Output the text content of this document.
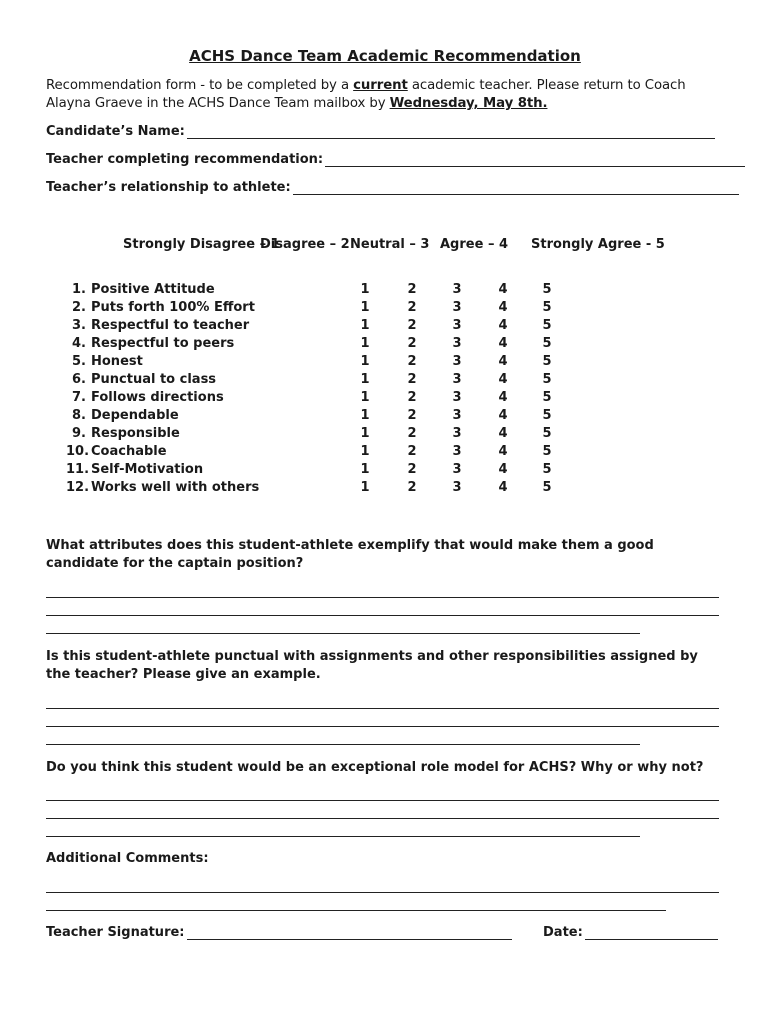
ACHS Dance Team Academic Recommendation
Recommendation form - to be completed by a current academic teacher. Please return to Coach Alayna Graeve in the ACHS Dance Team mailbox by Wednesday, May 8th.
Candidate’s Name:
Teacher completing recommendation:
Teacher’s relationship to athlete:
Strongly Disagree – 1
Disagree – 2 Neutral – 3 Agree – 4 Strongly Agree - 5
1. Positive Attitude	1	2	3	4	5
2. Puts forth 100% Effort	1	2	3	4	5
3. Respectful to teacher	1	2	3	4	5
4. Respectful to peers	1	2	3	4	5
5. Honest	1	2	3	4	5
6. Punctual to class	1	2	3	4	5
7. Follows directions	1	2	3	4	5
8. Dependable	1	2	3	4	5
9. Responsible	1	2	3	4	5
10. Coachable	1	2	3	4	5
11. Self-Motivation	1	2	3	4	5
12. Works well with others	1	2	3	4	5
What attributes does this student-athlete exemplify that would make them a good candidate for the captain position?
Is this student-athlete punctual with assignments and other responsibilities assigned by the teacher? Please give an example.
Do you think this student would be an exceptional role model for ACHS? Why or why not?
Additional Comments:
Teacher Signature:	Date:
